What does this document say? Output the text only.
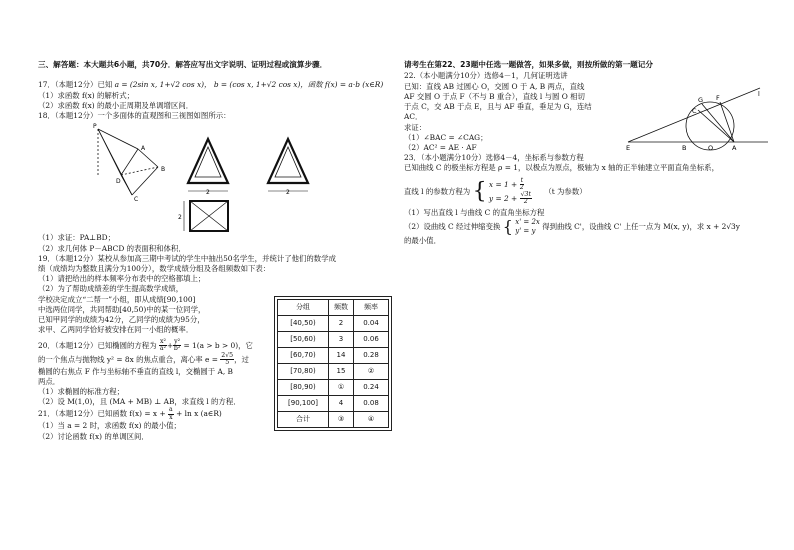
三、解答题：本大题共6小题，共70分．解答应写出文字说明、证明过程或演算步骤．
17．（本题12分）已知 a = (2sin x, 1+√2 cos x)， b = (cos x, 1+√2 cos x)，函数 f(x) = a·b (x∈R)
（1）求函数 f(x) 的解析式；
（2）求函数 f(x) 的最小正周期及单调增区间．
18．（本题12分）一个多面体的直观图和三视图如图所示：
P
D
A
B
C
2	2
2
（1）求证：PA⊥BD；
（2）求几何体 P－ABCD 的表面积和体积．
19．（本题12分）某校从参加高三期中考试的学生中抽出50名学生，并统计了他们的数学成
绩（成绩均为整数且满分为100分），数学成绩分组及各组频数如下表：
（1）请把给出的样本频率分布表中的空格都填上；
（2）为了帮助成绩差的学生提高数学成绩，
学校决定成立“二帮一”小组，即从成绩[90,100]
中选两位同学，共同帮助[40,50)中的某一位同学，
已知甲同学的成绩为42分，乙同学的成绩为95分，
求甲、乙两同学恰好被安排在同一小组的概率．
20．（本题12分）已知椭圆的方程为 $\frac{\text{x²}}{\text{a²}} + \frac{\text{y²}}{\text{b²}} = 1(a > b > 0)$，它
的一个焦点与抛物线 y² = 8x 的焦点重合，离心率 $e = \frac{2√5}{5}$ ，过
椭圆的右焦点 F 作与坐标轴不垂直的直线 l，交椭圆于 A, B
两点．
（1）求椭圆的标准方程；
（2）设 M(1,0)，且 (MA + MB) ⊥ AB，求直线 l 的方程．
21．（本题12分）已知函数 $f(x) = x + \frac{a}{x} + \ln x$ (a∈R)
（1）当 a = 2 时，求函数 f(x) 的最小值；
（2）讨论函数 f(x) 的单调区间．
分组	频数	频率
[40,50)	2	0.04
[50,60)	3	0.06
[60,70)	14	0.28
[70,80)	15	②
[80,90)	①	0.24
[90,100]	4	0.08
合计	③	④
请考生在第22、23题中任选一题做答，如果多做，则按所做的第一题记分
22.（本小题满分10分）选修4－1，几何证明选讲
已知：直线 AB 过圆心 O，交圆 O 于 A, B 两点，直线
AF 交圆 O 于点 F（不与 B 重合），直线 l 与圆 O 相切
于点 C，交 AB 于点 E，且与 AF 垂直，垂足为 G，连结
AC．
求证：
（1）∠BAC = ∠CAG；
（2）AC² = AE · AF
23．（本小题满分10分）选修4－4，坐标系与参数方程
已知曲线 C 的极坐标方程是 ρ = 1，以极点为原点，极轴为 x 轴的正半轴建立平面直角坐标系，
直线 l 的参数方程为 { $x = 1 + \frac{t}{2}$
$y = 2 + \frac{√3t}{2}$
（t 为参数）
（1）写出直线 l 与曲线 C 的直角坐标方程
（2）设曲线 C 经过伸缩变换 { x' = 2x
y' = y 得到曲线 C'，设曲线 C' 上任一点为 M(x, y)，求 x + 2√3y
的最小值．
E	B	O	A
C
G F	l
